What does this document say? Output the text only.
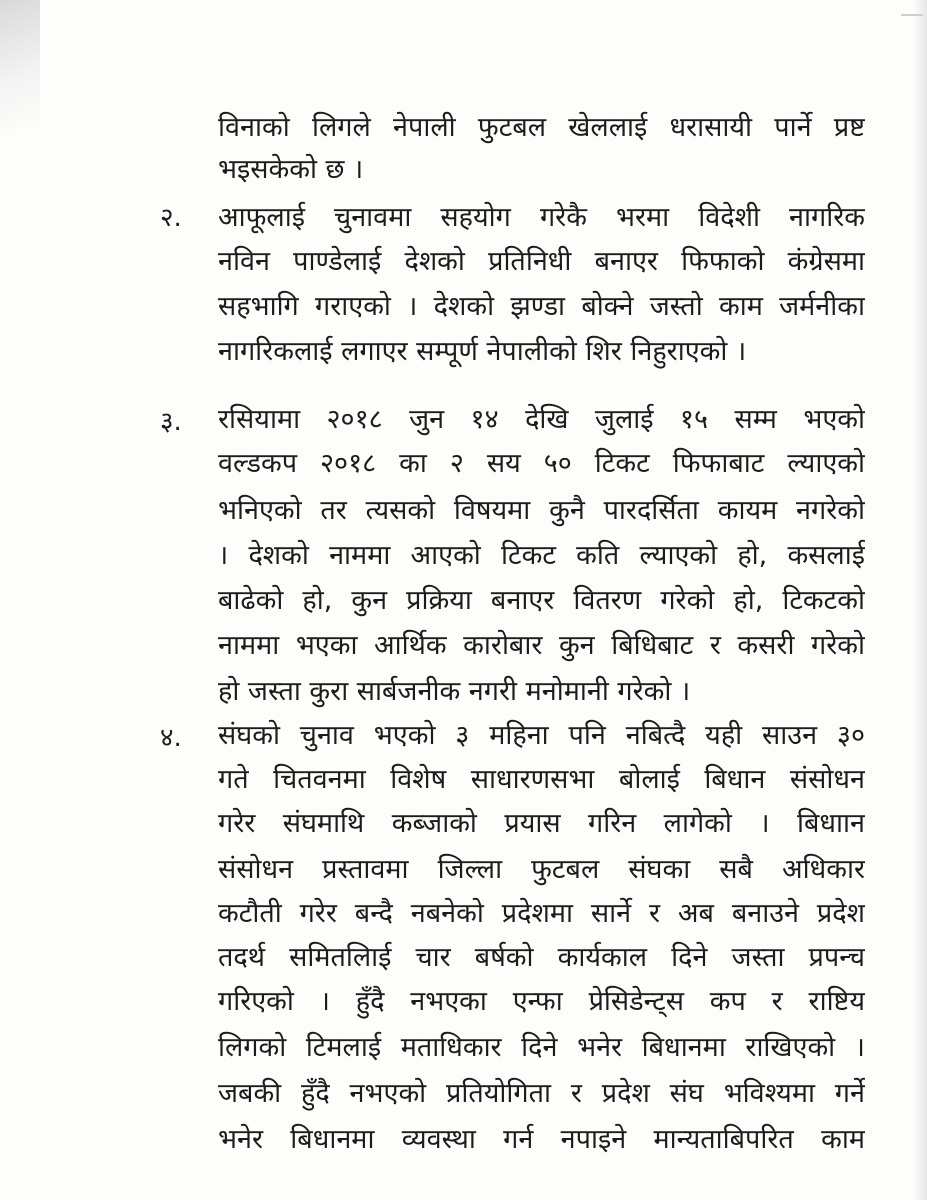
विनाको लिगले नेपाली फुटबल खेललाई धरासायी पार्ने प्रष्ट
भइसकेको छ ।
२.	आफूलाई चुनावमा सहयोग गरेकै भरमा विदेशी नागरिक
नविन पाण्डेलाई देशको प्रतिनिधी बनाएर फिफाको कंग्रेसमा
सहभागि गराएको । देशको झण्डा बोक्ने जस्तो काम जर्मनीका
नागरिकलाई लगाएर सम्पूर्ण नेपालीको शिर निहुराएको ।
३.	रसियामा २०१८ जुन १४ देखि जुलाई १५ सम्म भएको
वल्डकप २०१८ का २ सय ५० टिकट फिफाबाट ल्याएको
भनिएको तर त्यसको विषयमा कुनै पारदर्सिता कायम नगरेको
। देशको नाममा आएको टिकट कति ल्याएको हो, कसलाई
बाढेको हो, कुन प्रक्रिया बनाएर वितरण गरेको हो, टिकटको
नाममा भएका आर्थिक कारोबार कुन बिधिबाट र कसरी गरेको
हो जस्ता कुरा सार्बजनीक नगरी मनोमानी गरेको ।
४.	संघको चुनाव भएको ३ महिना पनि नबित्दै यही साउन ३०
गते चितवनमा विशेष साधारणसभा बोलाई बिधान संसोधन
गरेर संघमाथि कब्जाको प्रयास गरिन लागेको । बिधाान
संसोधन प्रस्तावमा जिल्ला फुटबल संघका सबै अधिकार
कटौती गरेर बन्दै नबनेको प्रदेशमा सार्ने र अब बनाउने प्रदेश
तदर्थ समितलिाई चार बर्षको कार्यकाल दिने जस्ता प्रपन्च
गरिएको । हुँदै नभएका एन्फा प्रेसिडेन्ट्स कप र राष्टिय
लिगको टिमलाई मताधिकार दिने भनेर बिधानमा राखिएको ।
जबकी हुँदै नभएको प्रतियोगिता र प्रदेश संघ भविश्यमा गर्ने
भनेर बिधानमा व्यवस्था गर्न नपाइने मान्यताबिपरित काम
